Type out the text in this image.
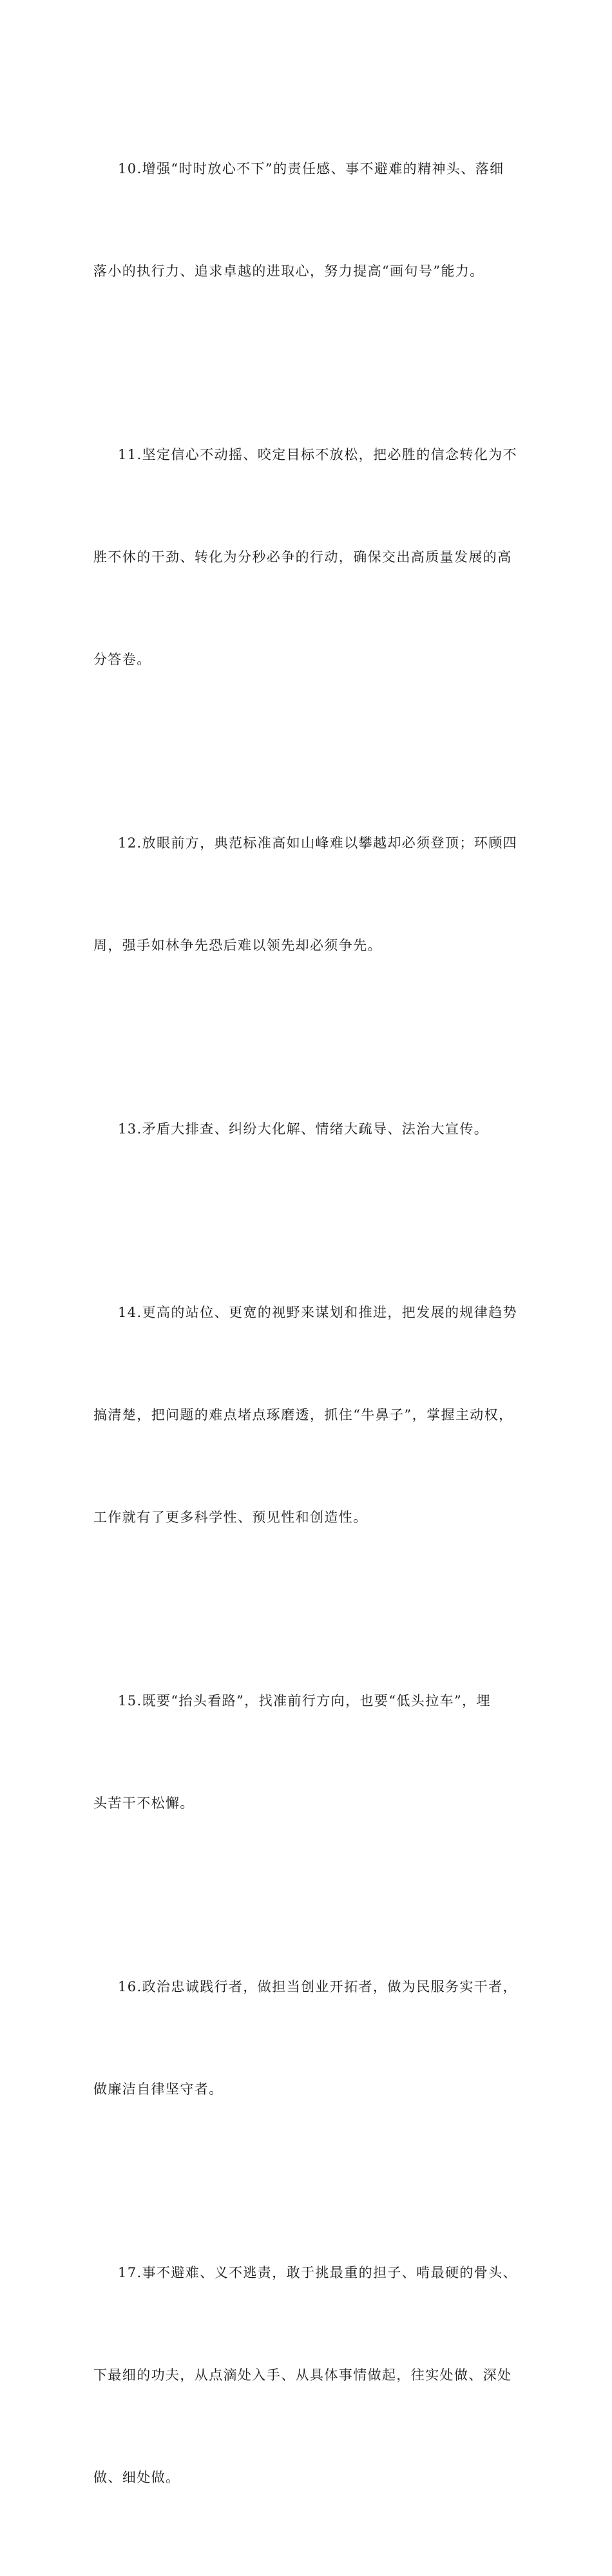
10.增强“时时放心不下”的责任感、事不避难的精神头、落细

落小的执行力、追求卓越的进取心，努力提高“画句号”能力。

11.坚定信心不动摇、咬定目标不放松，把必胜的信念转化为不

胜不休的干劲、转化为分秒必争的行动，确保交出高质量发展的高

分答卷。

12.放眼前方，典范标准高如山峰难以攀越却必须登顶；环顾四

周，强手如林争先恐后难以领先却必须争先。

13.矛盾大排查、纠纷大化解、情绪大疏导、法治大宣传。

14.更高的站位、更宽的视野来谋划和推进，把发展的规律趋势

搞清楚，把问题的难点堵点琢磨透，抓住“牛鼻子”，掌握主动权，

工作就有了更多科学性、预见性和创造性。

15.既要“抬头看路”，找准前行方向，也要“低头拉车”，埋

头苦干不松懈。

16.政治忠诚践行者，做担当创业开拓者，做为民服务实干者，

做廉洁自律坚守者。

17.事不避难、义不逃责，敢于挑最重的担子、啃最硬的骨头、

下最细的功夫，从点滴处入手、从具体事情做起，往实处做、深处

做、细处做。
